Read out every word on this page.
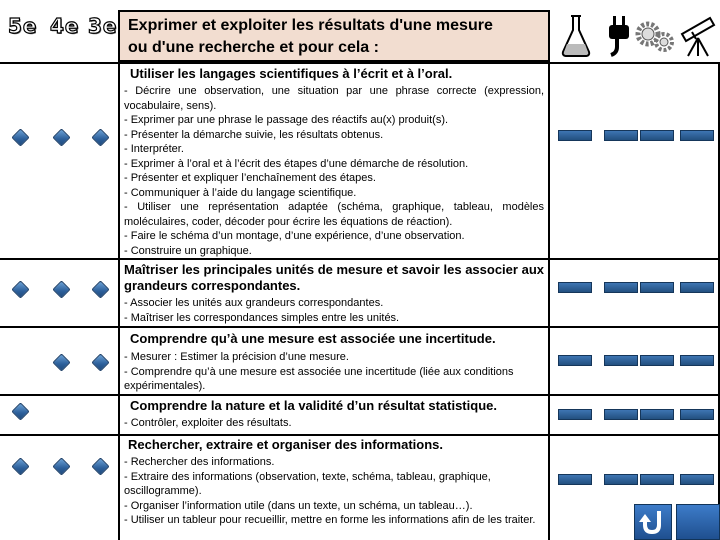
5e 4e 3e Exprimer et exploiter les résultats d'une mesure
ou d'une recherche et pour cela :
Utiliser les langages scientifiques à l’écrit et à l’oral.
- Décrire une observation, une situation par une phrase correcte (expression, vocabulaire, sens).
- Exprimer par une phrase le passage des réactifs au(x) produit(s).
- Présenter la démarche suivie, les résultats obtenus.
- Interpréter.
- Exprimer à l’oral et à l’écrit des étapes d’une démarche de résolution.
- Présenter et expliquer l’enchaînement des étapes.
- Communiquer à l’aide du langage scientifique.
- Utiliser une représentation adaptée (schéma, graphique, tableau, modèles moléculaires, coder, décoder pour écrire les équations de réaction).
- Faire le schéma d’un montage, d’une expérience, d’une observation.
- Construire un graphique.
Maîtriser les principales unités de mesure et savoir les associer aux grandeurs correspondantes.
- Associer les unités aux grandeurs correspondantes.
- Maîtriser les correspondances simples entre les unités.
Comprendre qu’à une mesure est associée une incertitude.
- Mesurer : Estimer la précision d’une mesure.
- Comprendre qu’à une mesure est associée une incertitude (liée aux conditions expérimentales).
Comprendre la nature et la validité d’un résultat statistique.
- Contrôler, exploiter des résultats.
Rechercher, extraire et organiser des informations.
- Rechercher des informations.
- Extraire des informations (observation, texte, schéma, tableau, graphique, oscillogramme).
- Organiser l’information utile (dans un texte, un schéma, un tableau…).
- Utiliser un tableur pour recueillir, mettre en forme les informations afin de les traiter.
